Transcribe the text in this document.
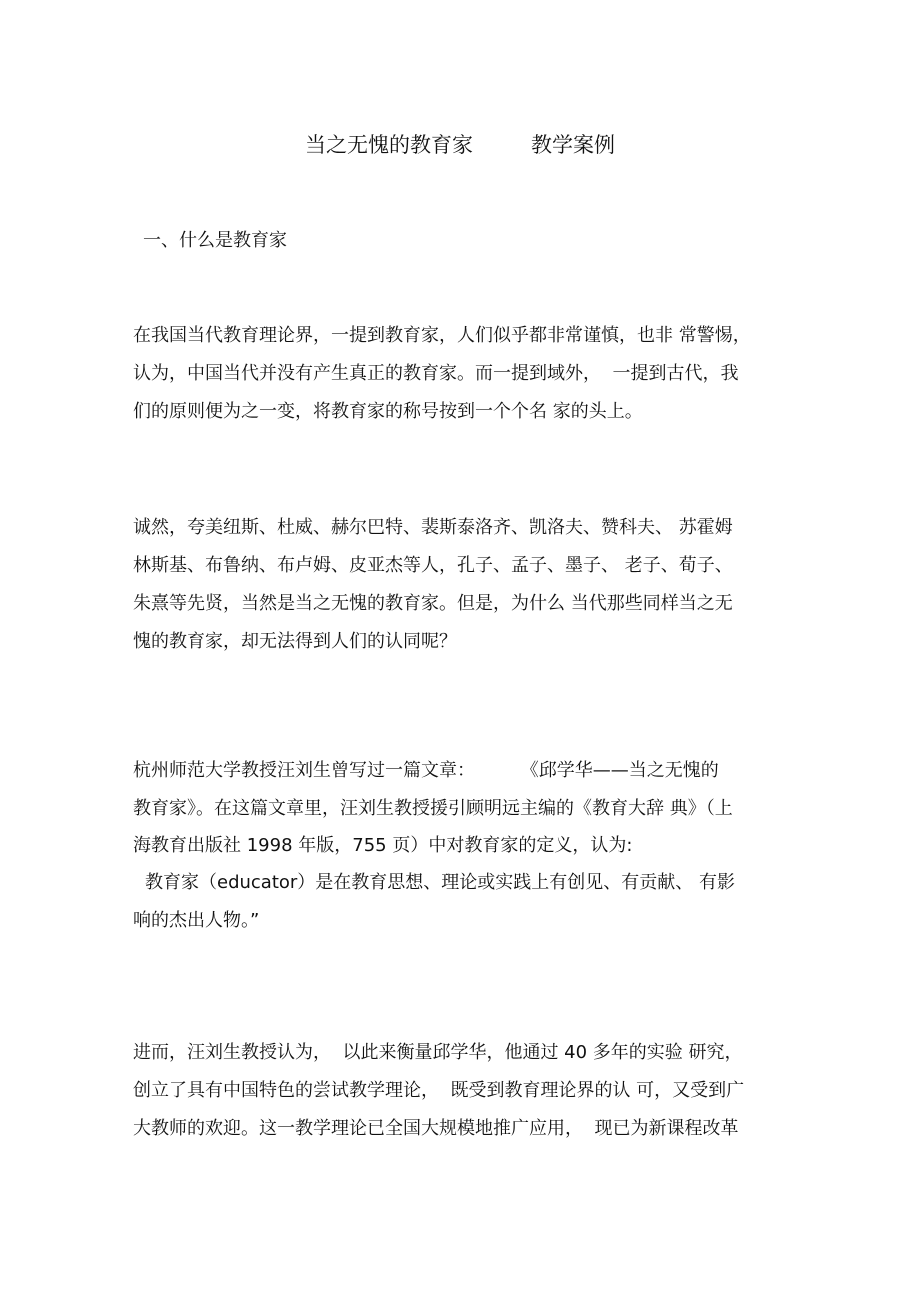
当之无愧的教育家	教学案例
一、什么是教育家
在我国当代教育理论界，一提到教育家，人们似乎都非常谨慎，也非 常警惕，
认为，中国当代并没有产生真正的教育家。而一提到域外，  一提到古代，我
们的原则便为之一变，将教育家的称号按到一个个名 家的头上。
诚然，夸美纽斯、杜威、赫尔巴特、裴斯泰洛齐、凯洛夫、赞科夫、 苏霍姆
林斯基、布鲁纳、布卢姆、皮亚杰等人，孔子、孟子、墨子、 老子、荀子、
朱熹等先贤，当然是当之无愧的教育家。但是，为什么 当代那些同样当之无
愧的教育家，却无法得到人们的认同呢？
杭州师范大学教授汪刘生曾写过一篇文章：        《邱学华——当之无愧的
教育家》。在这篇文章里，汪刘生教授援引顾明远主编的《教育大辞 典》（上
海教育出版社 1998 年版，755 页）中对教育家的定义，认为:
教育家（educator）是在教育思想、理论或实践上有创见、有贡献、 有影
响的杰出人物。”
进而，汪刘生教授认为，  以此来衡量邱学华，他通过 40 多年的实验 研究，
创立了具有中国特色的尝试教学理论，  既受到教育理论界的认 可，又受到广
大教师的欢迎。这一教学理论已全国大规模地推广应用，  现已为新课程改革
